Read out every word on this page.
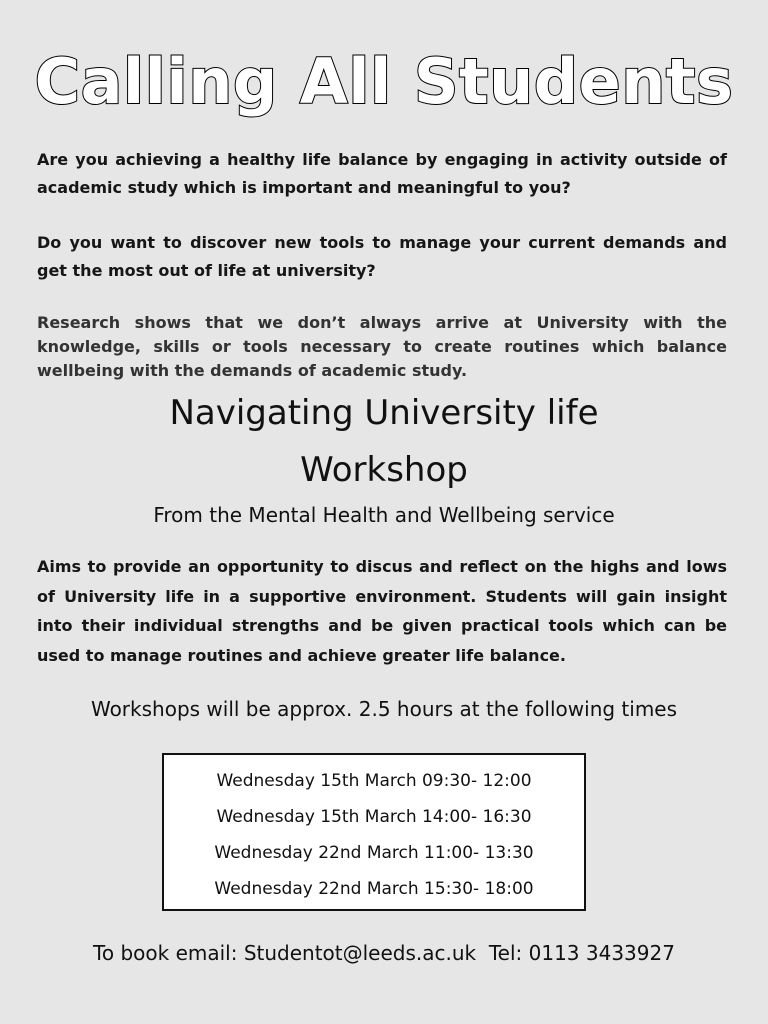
Calling All Students

Are you achieving a healthy life balance by engaging in activity outside of academic study which is important and meaningful to you?

Do you want to discover new tools to manage your current demands and get the most out of life at university?

Research shows that we don’t always arrive at University with the knowledge, skills or tools necessary to create routines which balance wellbeing with the demands of academic study.

Navigating University life
Workshop

From the Mental Health and Wellbeing service

Aims to provide an opportunity to discus and reflect on the highs and lows of University life in a supportive environment. Students will gain insight into their individual strengths and be given practical tools which can be used to manage routines and achieve greater life balance.

Workshops will be approx. 2.5 hours at the following times

Wednesday 15th March 09:30- 12:00
Wednesday 15th March 14:00- 16:30
Wednesday 22nd March 11:00- 13:30
Wednesday 22nd March 15:30- 18:00

To book email: Studentot@leeds.ac.uk  Tel: 0113 3433927
